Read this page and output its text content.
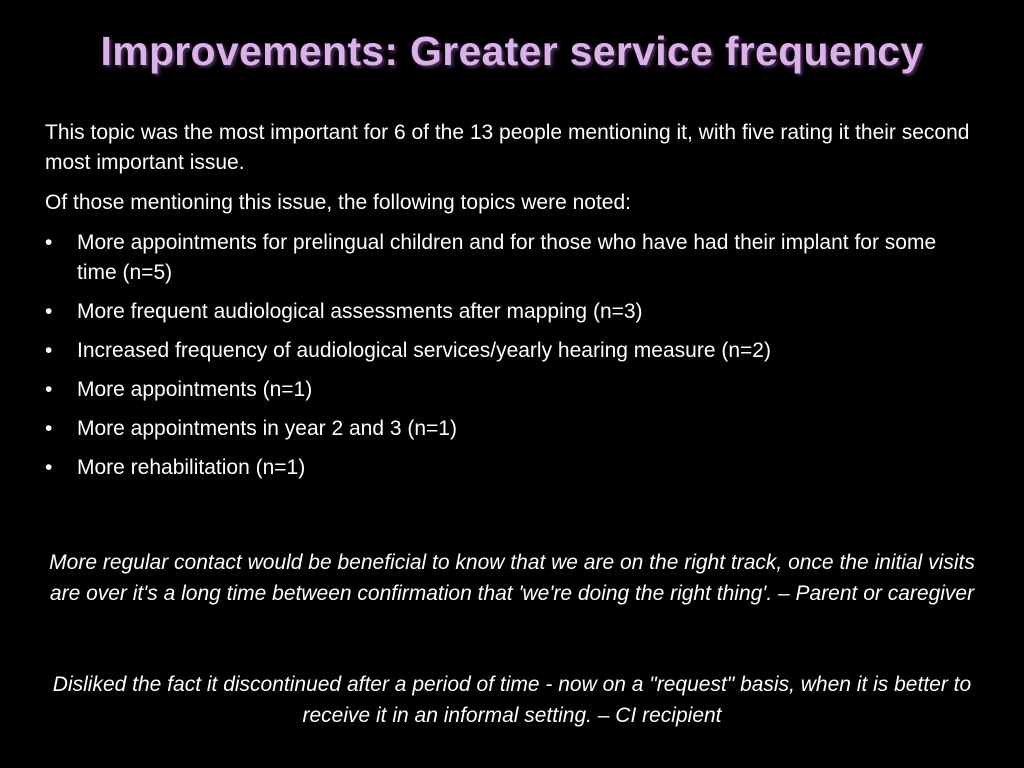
Improvements: Greater service frequency

This topic was the most important for 6 of the 13 people mentioning it, with five rating it their second most important issue.

Of those mentioning this issue, the following topics were noted:

• More appointments for prelingual children and for those who have had their implant for some time (n=5)
• More frequent audiological assessments after mapping (n=3)
• Increased frequency of audiological services/yearly hearing measure (n=2)
• More appointments (n=1)
• More appointments in year 2 and 3 (n=1)
• More rehabilitation (n=1)

More regular contact would be beneficial to know that we are on the right track, once the initial visits are over it's a long time between confirmation that 'we're doing the right thing'. – Parent or caregiver

Disliked the fact it discontinued after a period of time - now on a "request" basis, when it is better to receive it in an informal setting. – CI recipient
